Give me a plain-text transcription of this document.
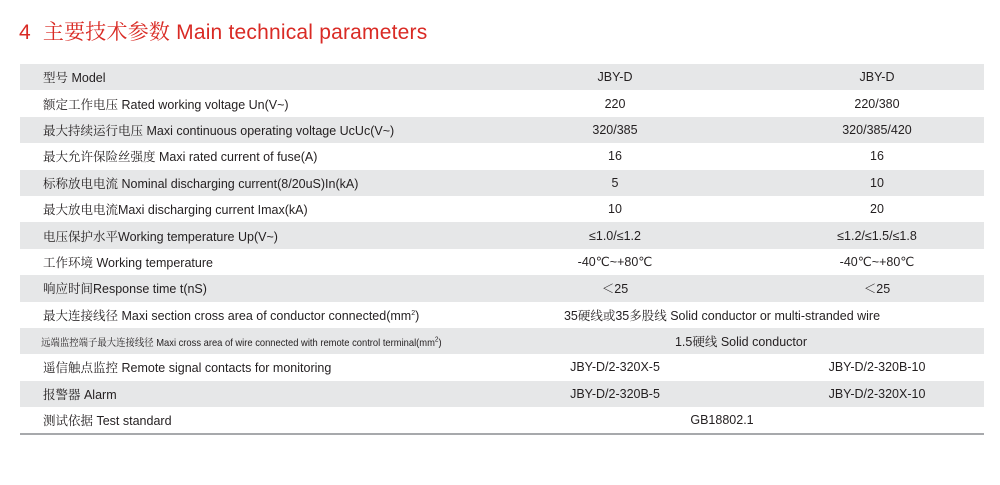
4 主要技术参数 Main technical parameters
型号 Model	JBY-D	JBY-D
额定工作电压 Rated working voltage Un(V~)	220	220/380
最大持续运行电压 Maxi continuous operating voltage UcUc(V~)	320/385	320/385/420
最大允许保险丝强度 Maxi rated current of fuse(A)	16	16
标称放电电流 Nominal discharging current(8/20uS)In(kA)	5	10
最大放电电流Maxi discharging current Imax(kA)	10	20
电压保护水平Working temperature Up(V~)	≤1.0/≤1.2	≤1.2/≤1.5/≤1.8
工作环境 Working temperature	-40℃~+80℃	-40℃~+80℃
响应时间Response time t(nS)	＜25	＜25
最大连接线径 Maxi section cross area of conductor $connected(mm^2)$	35硬线或35多股线 Solid conductor or multi-stranded wire
远端监控端子最大连接线径 Maxi cross area of wire connected with remote control $terminal(mm^2)$	1.5硬线 Solid conductor
遥信触点监控 Remote signal contacts for monitoring	JBY-D/2-320X-5	JBY-D/2-320B-10
报警器 Alarm	JBY-D/2-320B-5	JBY-D/2-320X-10
测试依据 Test standard	GB18802.1
